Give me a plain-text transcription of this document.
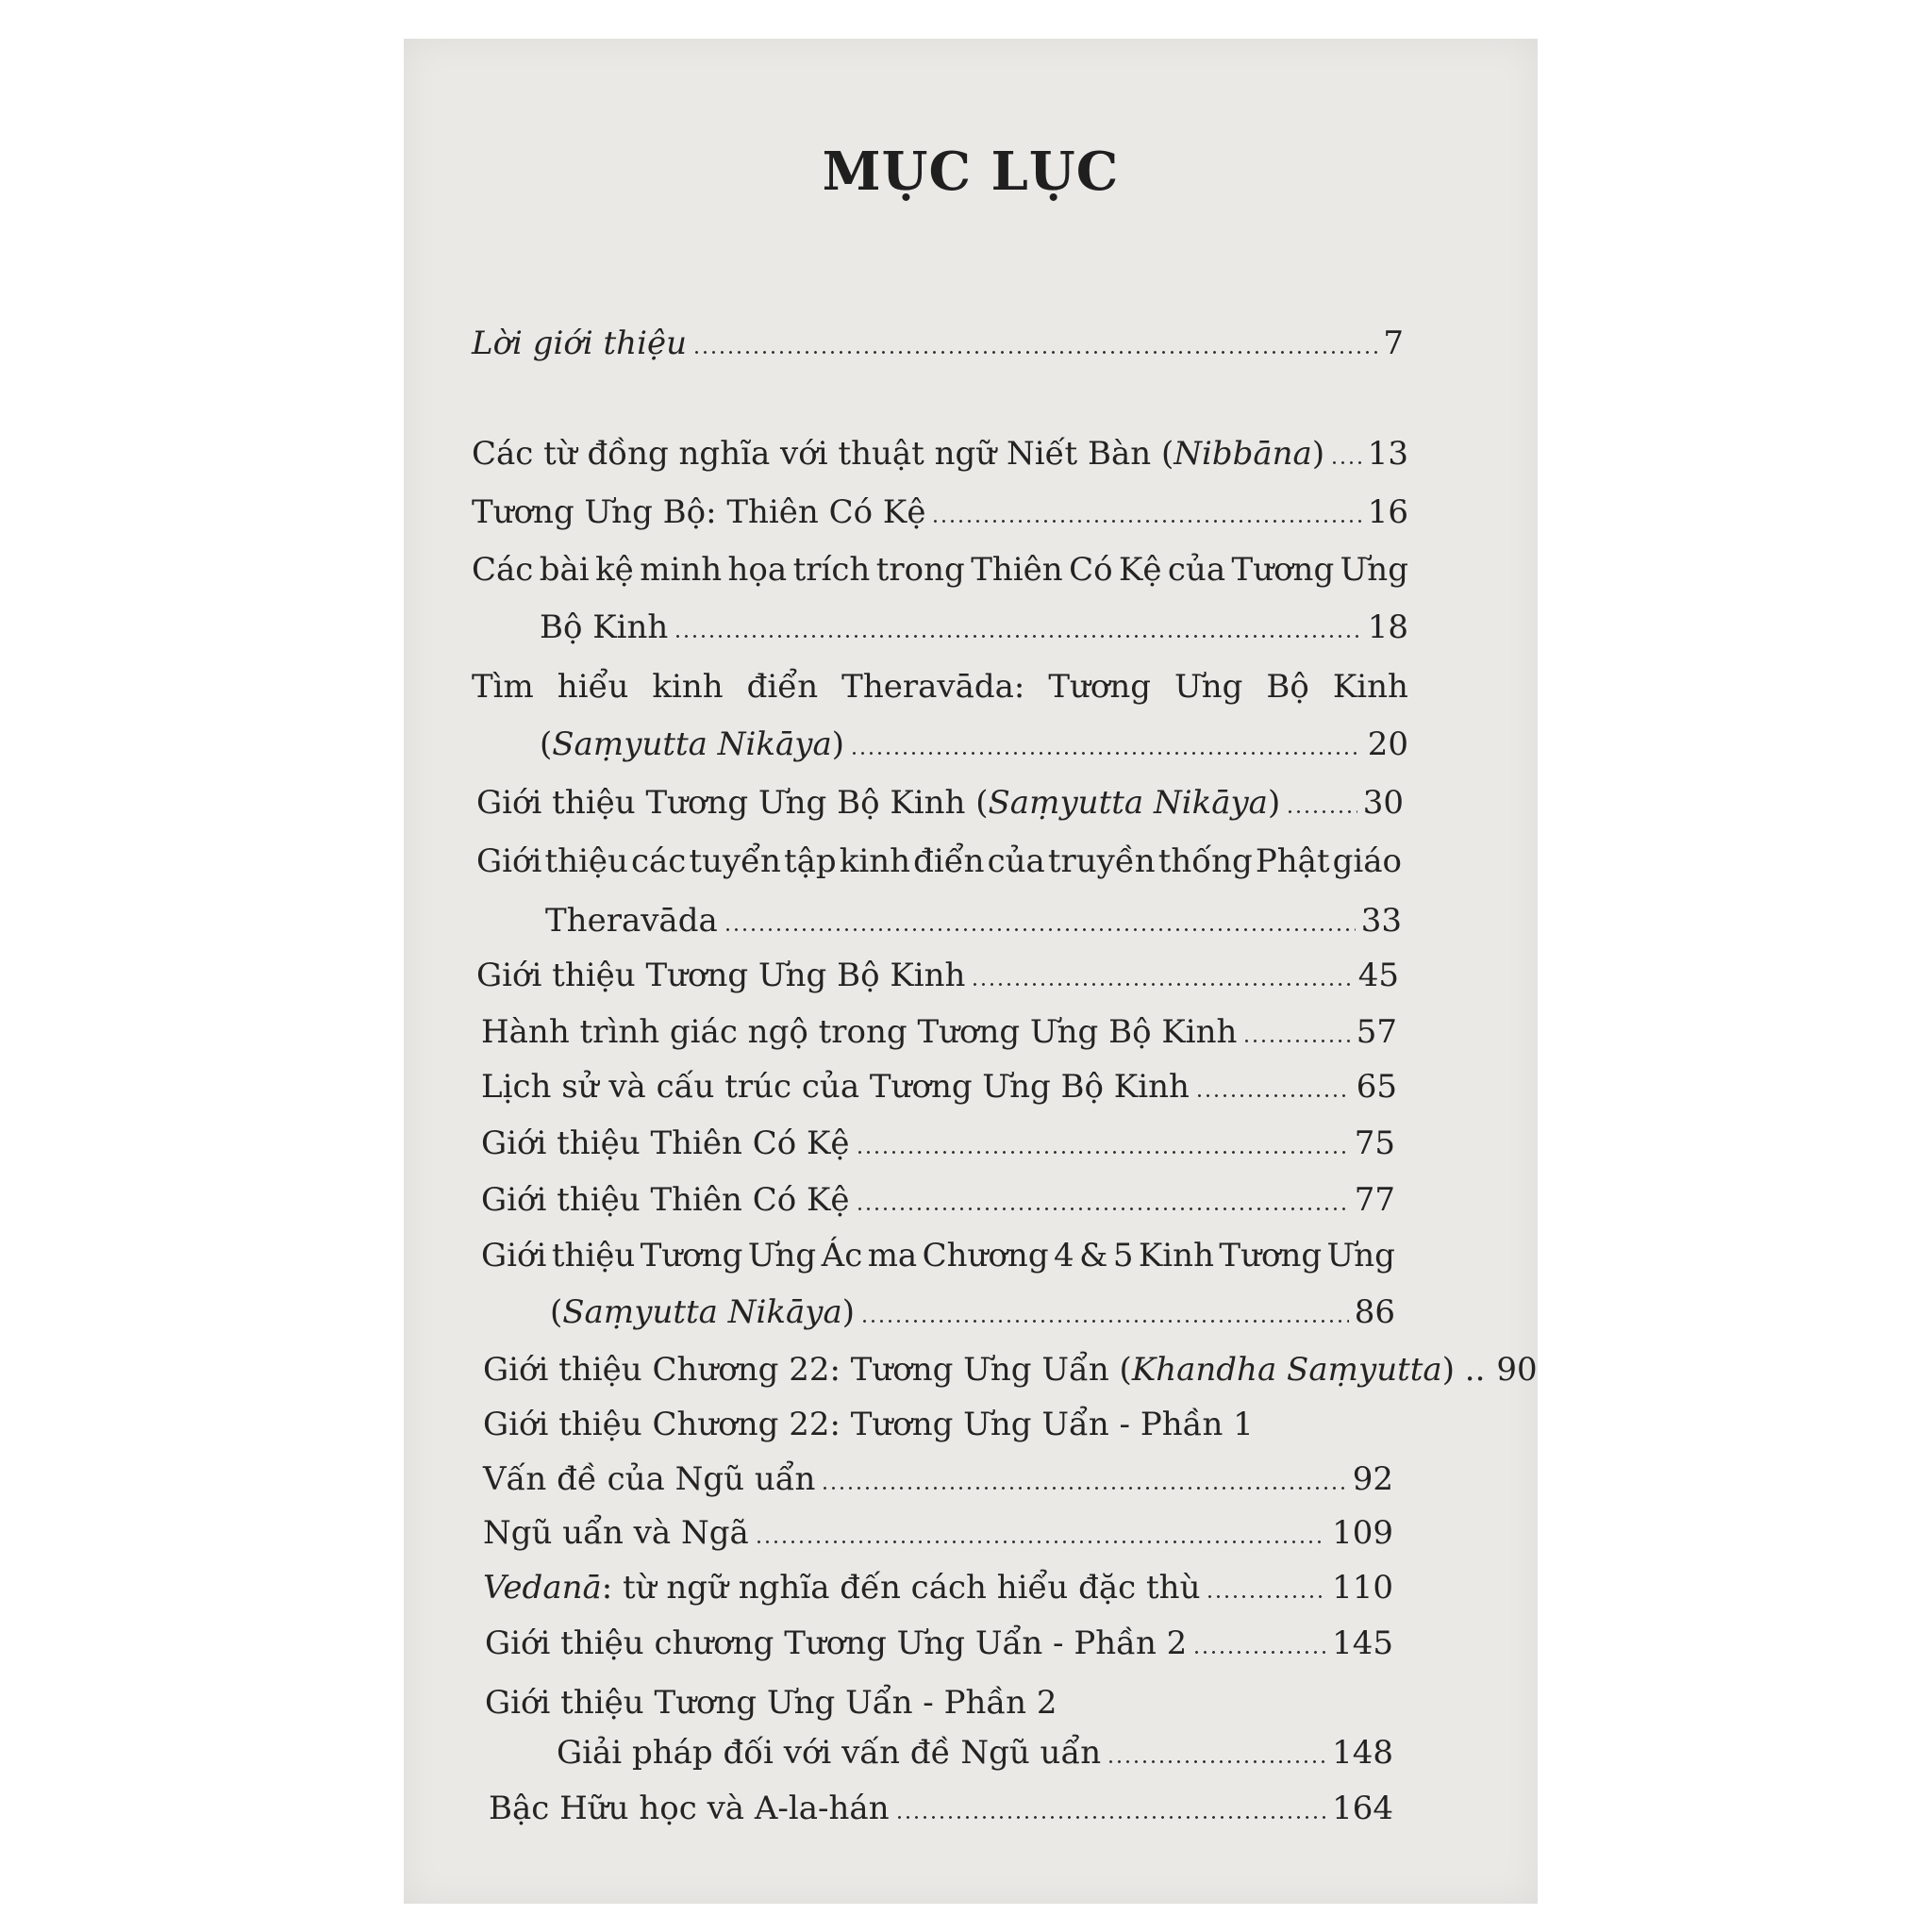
MỤC LỤC
Lời giới thiệu	7
Các từ đồng nghĩa với thuật ngữ Niết Bàn (Nibbāna) 13
Tương Ưng Bộ: Thiên Có Kệ	16
Các bài kệ minh họa trích trong Thiên Có Kệ của Tương Ưng
Bộ Kinh	18
Tìm hiểu kinh điển Theravāda: Tương Ưng Bộ Kinh
(Saṃyutta Nikāya)	20
Giới thiệu Tương Ưng Bộ Kinh (Saṃyutta Nikāya)	30
Giới thiệu các tuyển tập kinh điển của truyền thống Phật giáo
Theravāda	33
Giới thiệu Tương Ưng Bộ Kinh	45
Hành trình giác ngộ trong Tương Ưng Bộ Kinh	57
Lịch sử và cấu trúc của Tương Ưng Bộ Kinh	65
Giới thiệu Thiên Có Kệ	75
Giới thiệu Thiên Có Kệ	77
Giới thiệu Tương Ưng Ác ma Chương 4 & 5 Kinh Tương Ưng
(Saṃyutta Nikāya)	86
Giới thiệu Chương 22: Tương Ưng Uẩn (Khandha Saṃyutta) .. 90
Giới thiệu Chương 22: Tương Ưng Uẩn - Phần 1
Vấn đề của Ngũ uẩn	92
Ngũ uẩn và Ngã	109
Vedanā: từ ngữ nghĩa đến cách hiểu đặc thù	110
Giới thiệu chương Tương Ưng Uẩn - Phần 2	145
Giới thiệu Tương Ưng Uẩn - Phần 2
Giải pháp đối với vấn đề Ngũ uẩn	148
Bậc Hữu học và A-la-hán	164
